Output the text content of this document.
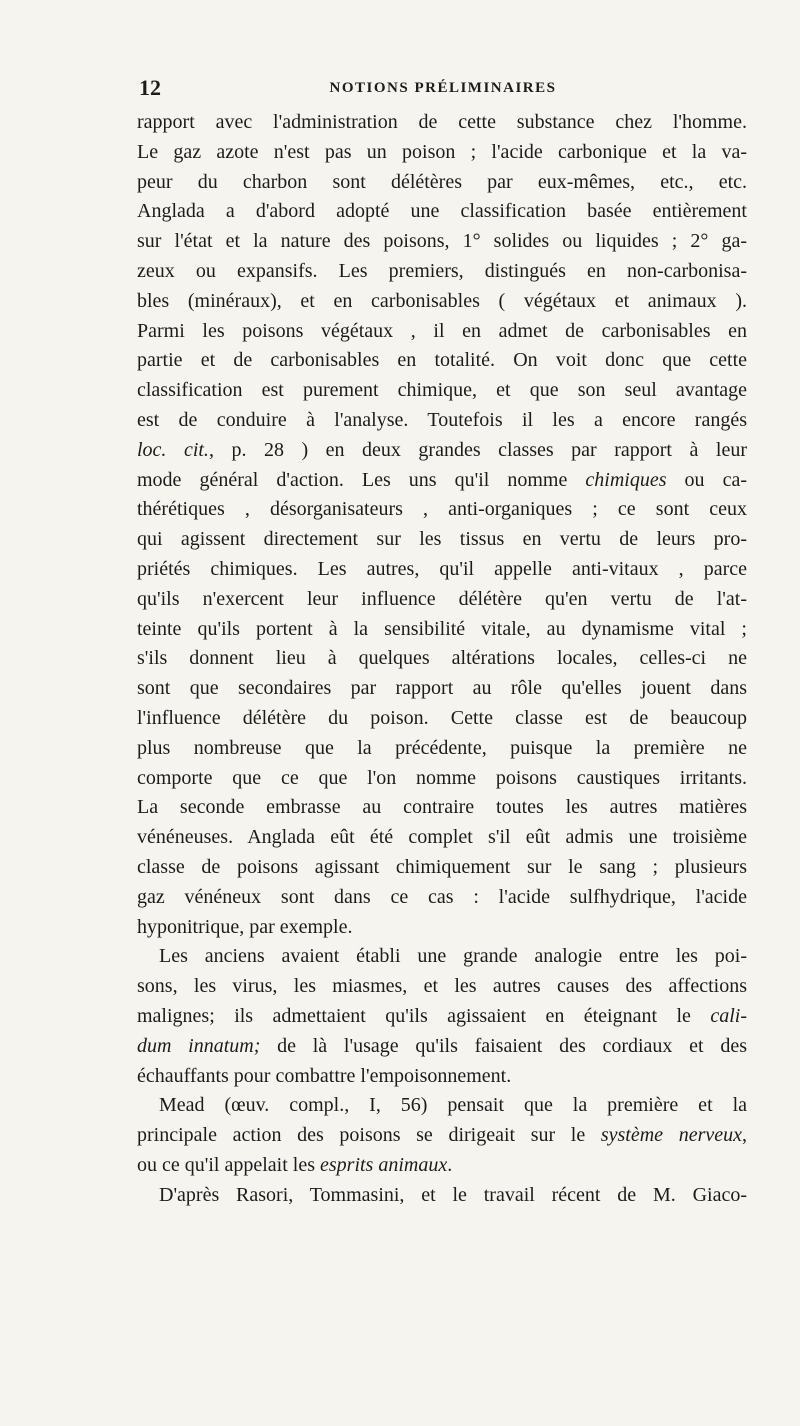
12	NOTIONS PRÉLIMINAIRES
rapport avec l'administration de cette substance chez l'homme.
Le gaz azote n'est pas un poison ; l'acide carbonique et la va-
peur du charbon sont délétères par eux-mêmes, etc., etc.
Anglada a d'abord adopté une classification basée entièrement
sur l'état et la nature des poisons, 1° solides ou liquides ; 2° ga-
zeux ou expansifs. Les premiers, distingués en non-carbonisa-
bles (minéraux), et en carbonisables ( végétaux et animaux ).
Parmi les poisons végétaux , il en admet de carbonisables en
partie et de carbonisables en totalité. On voit donc que cette
classification est purement chimique, et que son seul avantage
est de conduire à l'analyse. Toutefois il les a encore rangés
loc. cit., p. 28 ) en deux grandes classes par rapport à leur
mode général d'action. Les uns qu'il nomme chimiques ou ca-
thérétiques , désorganisateurs , anti-organiques ; ce sont ceux
qui agissent directement sur les tissus en vertu de leurs pro-
priétés chimiques. Les autres, qu'il appelle anti-vitaux , parce
qu'ils n'exercent leur influence délétère qu'en vertu de l'at-
teinte qu'ils portent à la sensibilité vitale, au dynamisme vital ;
s'ils donnent lieu à quelques altérations locales, celles-ci ne
sont que secondaires par rapport au rôle qu'elles jouent dans
l'influence délétère du poison. Cette classe est de beaucoup
plus nombreuse que la précédente, puisque la première ne
comporte que ce que l'on nomme poisons caustiques irritants.
La seconde embrasse au contraire toutes les autres matières
vénéneuses. Anglada eût été complet s'il eût admis une troisième
classe de poisons agissant chimiquement sur le sang ; plusieurs
gaz vénéneux sont dans ce cas : l'acide sulfhydrique, l'acide
hyponitrique, par exemple.
Les anciens avaient établi une grande analogie entre les poi-
sons, les virus, les miasmes, et les autres causes des affections
malignes; ils admettaient qu'ils agissaient en éteignant le cali-
dum innatum; de là l'usage qu'ils faisaient des cordiaux et des
échauffants pour combattre l'empoisonnement.
Mead (œuv. compl., I, 56) pensait que la première et la
principale action des poisons se dirigeait sur le système nerveux,
ou ce qu'il appelait les esprits animaux.
D'après Rasori, Tommasini, et le travail récent de M. Giaco-
